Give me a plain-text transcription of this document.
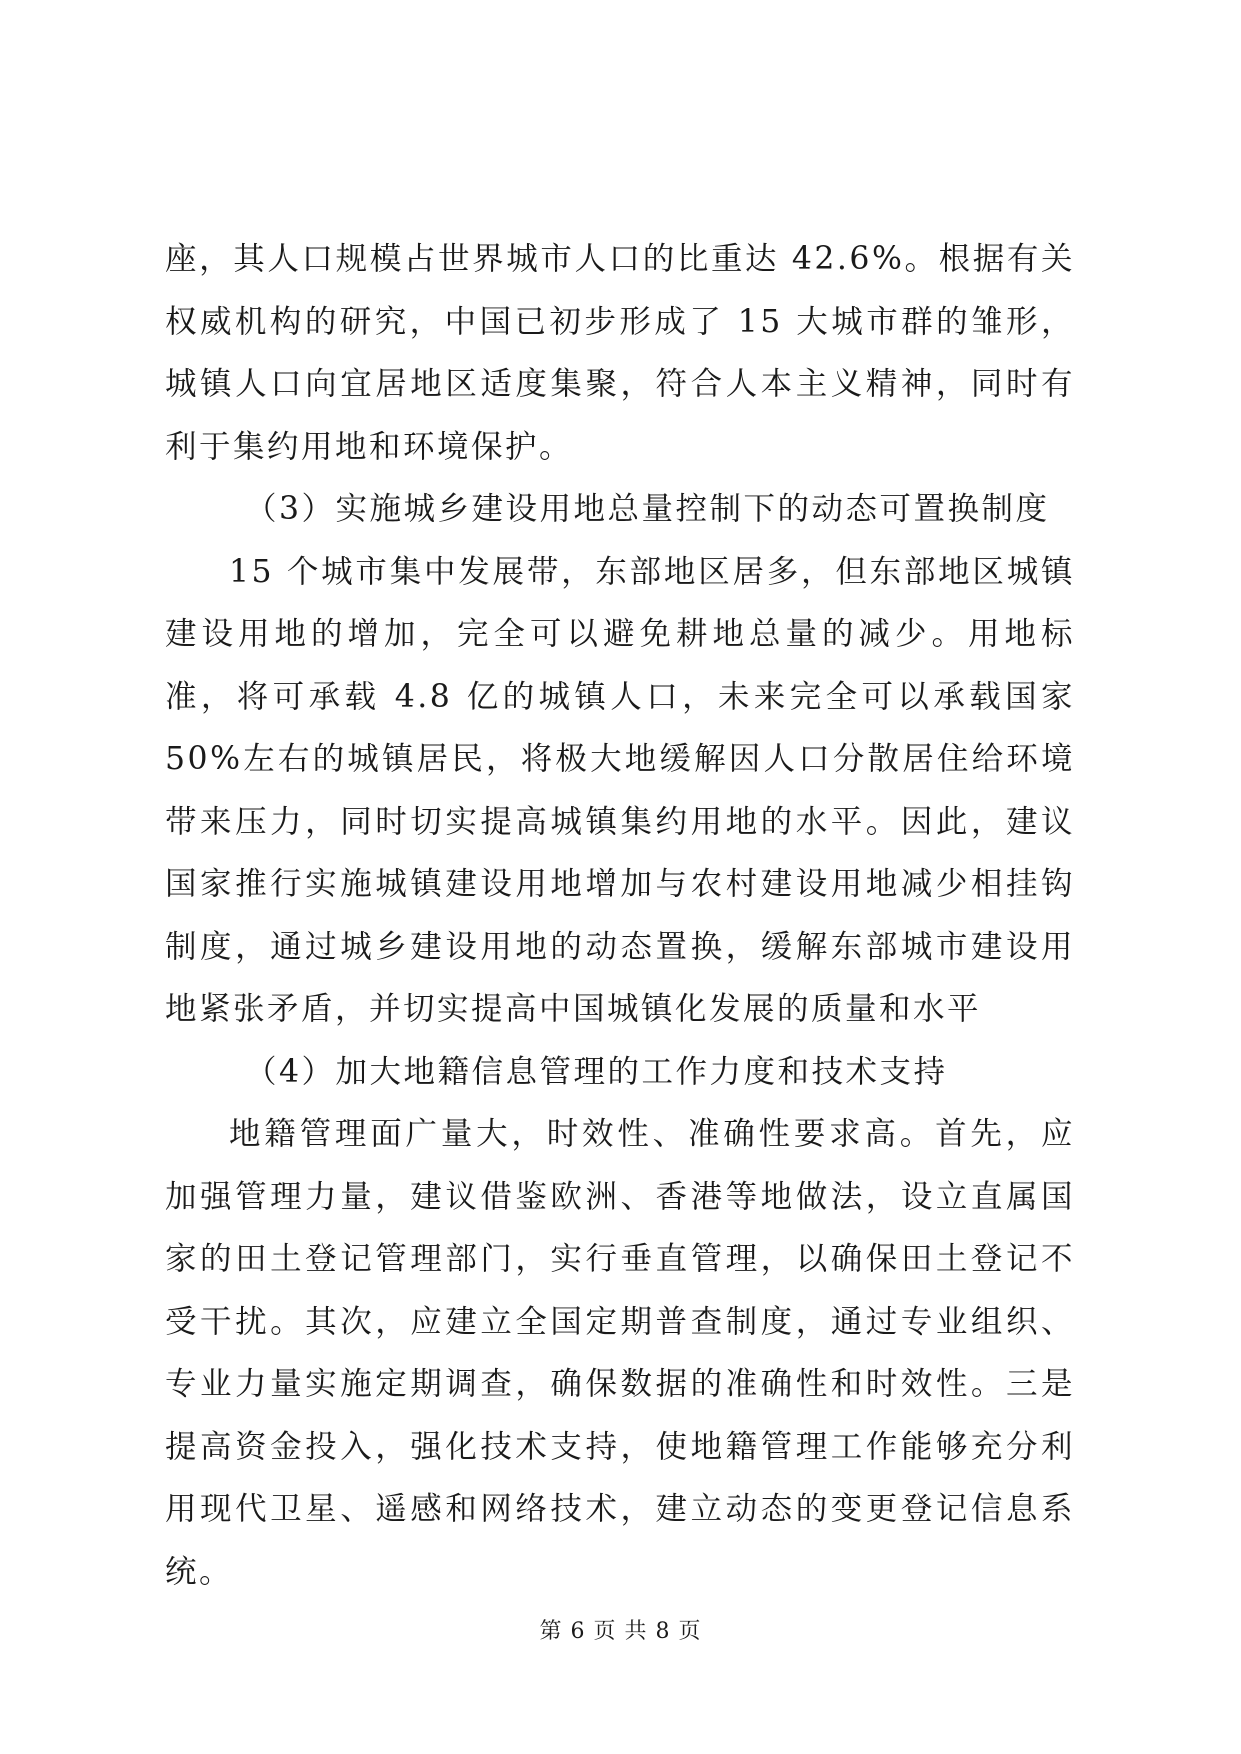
座，其人口规模占世界城市人口的比重达 42.6%。根据有关权威机构的研究，中国已初步形成了 15 大城市群的雏形，城镇人口向宜居地区适度集聚，符合人本主义精神，同时有利于集约用地和环境保护。

（3）实施城乡建设用地总量控制下的动态可置换制度

15 个城市集中发展带，东部地区居多，但东部地区城镇建设用地的增加，完全可以避免耕地总量的减少。用地标准，将可承载 4.8 亿的城镇人口，未来完全可以承载国家 50%左右的城镇居民，将极大地缓解因人口分散居住给环境带来压力，同时切实提高城镇集约用地的水平。因此，建议国家推行实施城镇建设用地增加与农村建设用地减少相挂钩制度，通过城乡建设用地的动态置换，缓解东部城市建设用地紧张矛盾，并切实提高中国城镇化发展的质量和水平

（4）加大地籍信息管理的工作力度和技术支持

地籍管理面广量大，时效性、准确性要求高。首先，应加强管理力量，建议借鉴欧洲、香港等地做法，设立直属国家的田土登记管理部门，实行垂直管理，以确保田土登记不受干扰。其次，应建立全国定期普查制度，通过专业组织、专业力量实施定期调查，确保数据的准确性和时效性。三是提高资金投入，强化技术支持，使地籍管理工作能够充分利用现代卫星、遥感和网络技术，建立动态的变更登记信息系统。

第 6 页 共 8 页
